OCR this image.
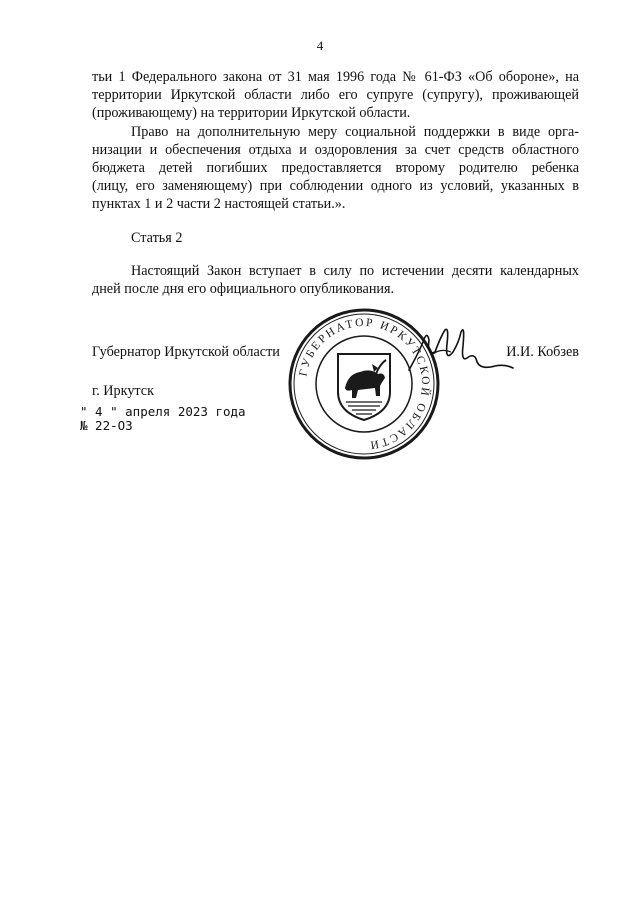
4
тьи 1 Федерального закона от 31 мая 1996 года № 61-ФЗ «Об обороне», на
территории Иркутской области либо его супруге (супругу), проживающей
(проживающему) на территории Иркутской области.
Право на дополнительную меру социальной поддержки в виде орга-
низации и обеспечения отдыха и оздоровления за счет средств областного
бюджета детей погибших предоставляется второму родителю ребенка
(лицу, его заменяющему) при соблюдении одного из условий, указанных в
пунктах 1 и 2 части 2 настоящей статьи.».
Статья 2
Настоящий Закон вступает в силу по истечении десяти календарных
дней после дня его официального опубликования.
ГУБЕРНАТОР ИРКУТСКОЙ ОБЛАСТИ
Губернатор Иркутской области	И.И. Кобзев
г. Иркутск
" 4 " апреля 2023 года
№ 22-ОЗ
